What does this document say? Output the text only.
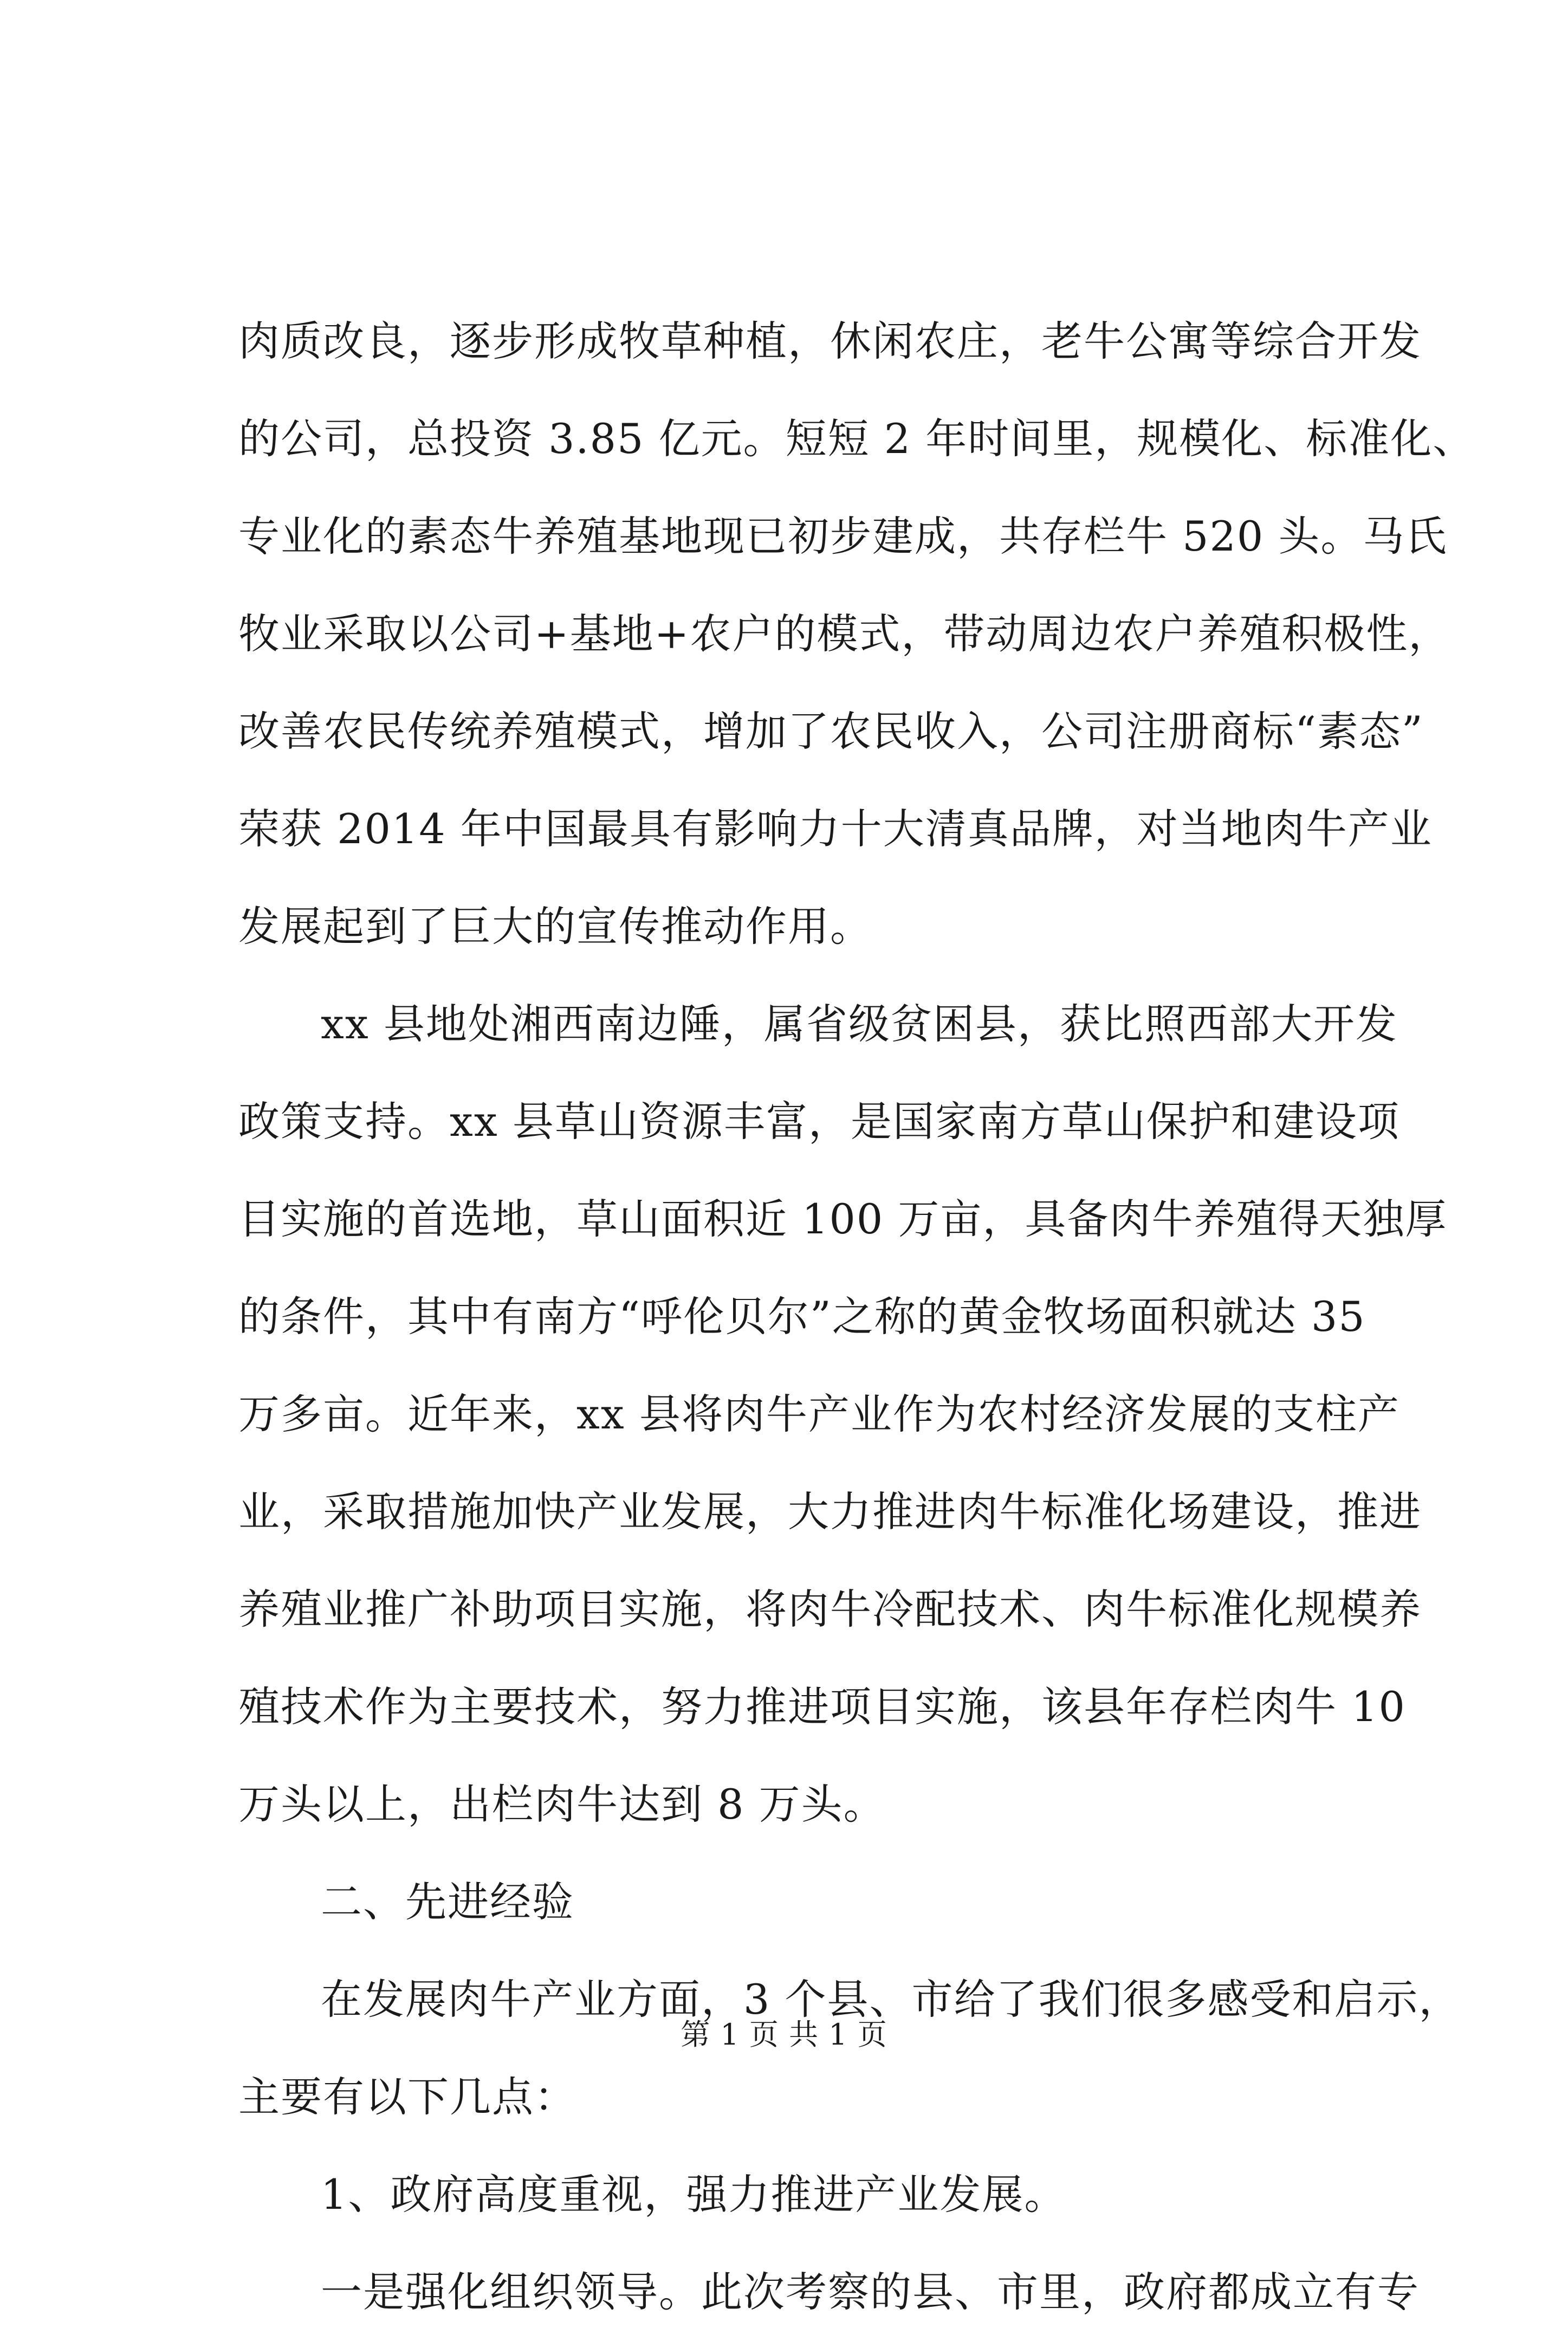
肉质改良，逐步形成牧草种植，休闲农庄，老牛公寓等综合开发
的公司，总投资 3.85 亿元。短短 2 年时间里，规模化、标准化、
专业化的素态牛养殖基地现已初步建成，共存栏牛 520 头。马氏
牧业采取以公司+基地+农户的模式，带动周边农户养殖积极性，
改善农民传统养殖模式，增加了农民收入，公司注册商标“素态”
荣获 2014 年中国最具有影响力十大清真品牌，对当地肉牛产业
发展起到了巨大的宣传推动作用。
xx 县地处湘西南边陲，属省级贫困县，获比照西部大开发
政策支持。xx 县草山资源丰富，是国家南方草山保护和建设项
目实施的首选地，草山面积近 100 万亩，具备肉牛养殖得天独厚
的条件，其中有南方“呼伦贝尔”之称的黄金牧场面积就达 35
万多亩。近年来，xx 县将肉牛产业作为农村经济发展的支柱产
业，采取措施加快产业发展，大力推进肉牛标准化场建设，推进
养殖业推广补助项目实施，将肉牛冷配技术、肉牛标准化规模养
殖技术作为主要技术，努力推进项目实施，该县年存栏肉牛 10
万头以上，出栏肉牛达到 8 万头。
二、先进经验
在发展肉牛产业方面，3 个县、市给了我们很多感受和启示，
主要有以下几点：
1、政府高度重视，强力推进产业发展。
一是强化组织领导。此次考察的县、市里，政府都成立有专
第 1 页 共 1 页
